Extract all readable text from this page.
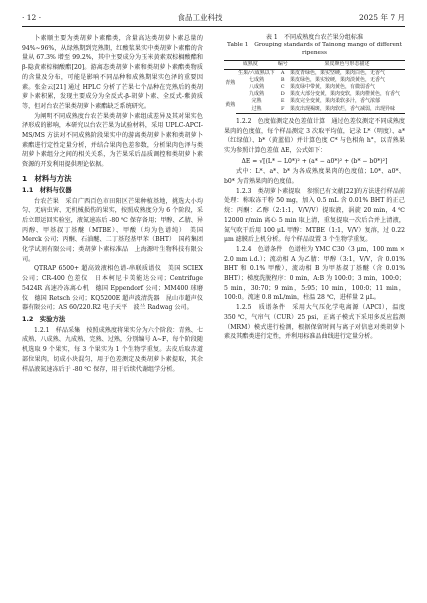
· 12 ·	食品工业科技	2025 年 7 月

卜素顺主要为类胡萝卜素酯类，含量高达类胡萝卜素总量的 94%~96%，从绿熟期到完熟期，红酸浆果实中类胡萝卜素酯的含量从 67.3% 增至 99.2%，其中主要成分为玉米黄素双棕榈酸酯和 β-隐黄素棕榈酸酯[20]。游离态类胡萝卜素和类胡萝卜素酯类物质的含量及分布，可能是影响不同品种和成熟期果实色泽的重要因素。张金云[21] 通过 HPLC 分析了芒果七个品种在完熟后的类胡萝卜素积累，发现主要成分为全反式-β-胡萝卜素、全反式-紫黄质等，但对台农芒果类胡萝卜素酯缺乏系统研究。

为阐明不同成熟度台农芒果类胡萝卜素组成差异及其对果实色泽形成的影响，本研究以台农芒果为试验材料，采用 UPLC-APCI-MS/MS 方法对不同成熟阶段果实中的游离类胡萝卜素和类胡萝卜素酯进行定性定量分析，并结合果肉色差参数，分析果肉色泽与类胡萝卜素组分之间的相关关系，为芒果采后品质调控和类胡萝卜素资源的开发利用提供理论依据。

1　材料与方法
1.1　材料与仪器

台农芒果　采自广西百色市田阳区芒果种植基地，挑选大小均匀、无病虫害、无机械损伤的果实，按照成熟度分为 6 个阶段，采后立即运回实验室，液氮速冻后 -80 ℃ 保存备用；甲醇、乙腈、异丙醇、甲基叔丁基醚（MTBE）、甲酸（均为色谱纯）　美国 Merck 公司；丙酮、石油醚、二丁基羟基甲苯（BHT）　国药集团化学试剂有限公司；类胡萝卜素标准品　上海源叶生物科技有限公司。

QTRAP 6500+ 超高效液相色谱-串联质谱仪　美国 SCIEX 公司；CR-400 色差仪　日本柯尼卡美能达公司；Centrifuge 5424R 高速冷冻离心机　德国 Eppendorf 公司；MM400 球磨仪　德国 Retsch 公司；KQ5200E 超声波清洗器　昆山市超声仪器有限公司；AS 60/220.R2 电子天平　波兰 Radwag 公司。

1.2　实验方法

1.2.1　样品采集　按照成熟度将果实分为六个阶段：青熟、七成熟、八成熟、九成熟、完熟、过熟，分别编号 A~F，每个阶段随机选取 9 个果实，每 3 个果实为 1 个生物学重复。去皮后取赤道部位果肉，切成小块混匀，用于色差测定及类胡萝卜素提取，其余样品液氮速冻后于 -80 ℃ 保存，用于后续代谢组学分析。

表 1　不同成熟度台农芒果分组标准

Table 1　Grouping standards of Tainong mango of different ripeness

成熟度		编号	果皮颜色与形态描述
青熟	生果/六成熟以下	A	果皮青绿色，果实坚硬，果肉白色，无香气
	七成熟	B	果皮绿色，果实较硬，果肉淡黄色，无香气
	八成熟	C	果皮绿中带黄，果肉黄色，有微弱香气
	九成熟	D	果皮大部分变黄，果肉变软，果肉橙黄色，有香气
黄熟	完熟	E	果皮完全变黄，果肉柔软多汁，香气浓郁
	过熟	F	果皮出现褐斑，果肉软烂，香气减弱，出现异味

1.2.2　色度值测定及色差值计算　通过色差仪测定不同成熟度果肉的色度值，每个样品测定 3 次取平均值，记录 L*（明度）、a*（红绿值）、b*（黄蓝值）并计算色度 C* 与色相角 h°，以青熟果实为参照计算色差值 ΔE，公式如下：

ΔE = √[(L* − L0*)² + (a* − a0*)² + (b* − b0*)²]

式中：L*、a*、b* 为各成熟度果肉的色度值；L0*、a0*、b0* 为青熟果肉的色度值。

1.2.3　类胡萝卜素提取　参照已有文献[22]的方法进行样品前处理：称取冻干粉 50 mg，加入 0.5 mL 含 0.01% BHT 的正己烷：丙酮：乙醇（2:1:1，V/V/V）提取液，涡旋 20 min，4 ℃ 12000 r/min 离心 5 min 取上清，重复提取一次后合并上清液，氮气吹干后用 100 μL 甲醇：MTBE（1:1，V/V）复溶，过 0.22 μm 滤膜后上机分析。每个样品设置 3 个生物学重复。

1.2.4　色谱条件　色谱柱为 YMC C30（3 μm，100 mm × 2.0 mm i.d.）；流动相 A 为乙腈：甲醇（3:1，V/V，含 0.01% BHT 和 0.1% 甲酸），流动相 B 为甲基叔丁基醚（含 0.01% BHT）；梯度洗脱程序：0 min，A:B 为 100:0；3 min，100:0；5 min，30:70；9 min，5:95；10 min，100:0；11 min，100:0。流速 0.8 mL/min，柱温 28 ℃，进样量 2 μL。

1.2.5　质谱条件　采用大气压化学电离源（APCI），温度 350 ℃，气帘气（CUR）25 psi，正离子模式下采用多反应监测（MRM）模式进行检测，根据保留时间与离子对信息对类胡萝卜素及其酯类进行定性，并利用标准品曲线进行定量分析。
